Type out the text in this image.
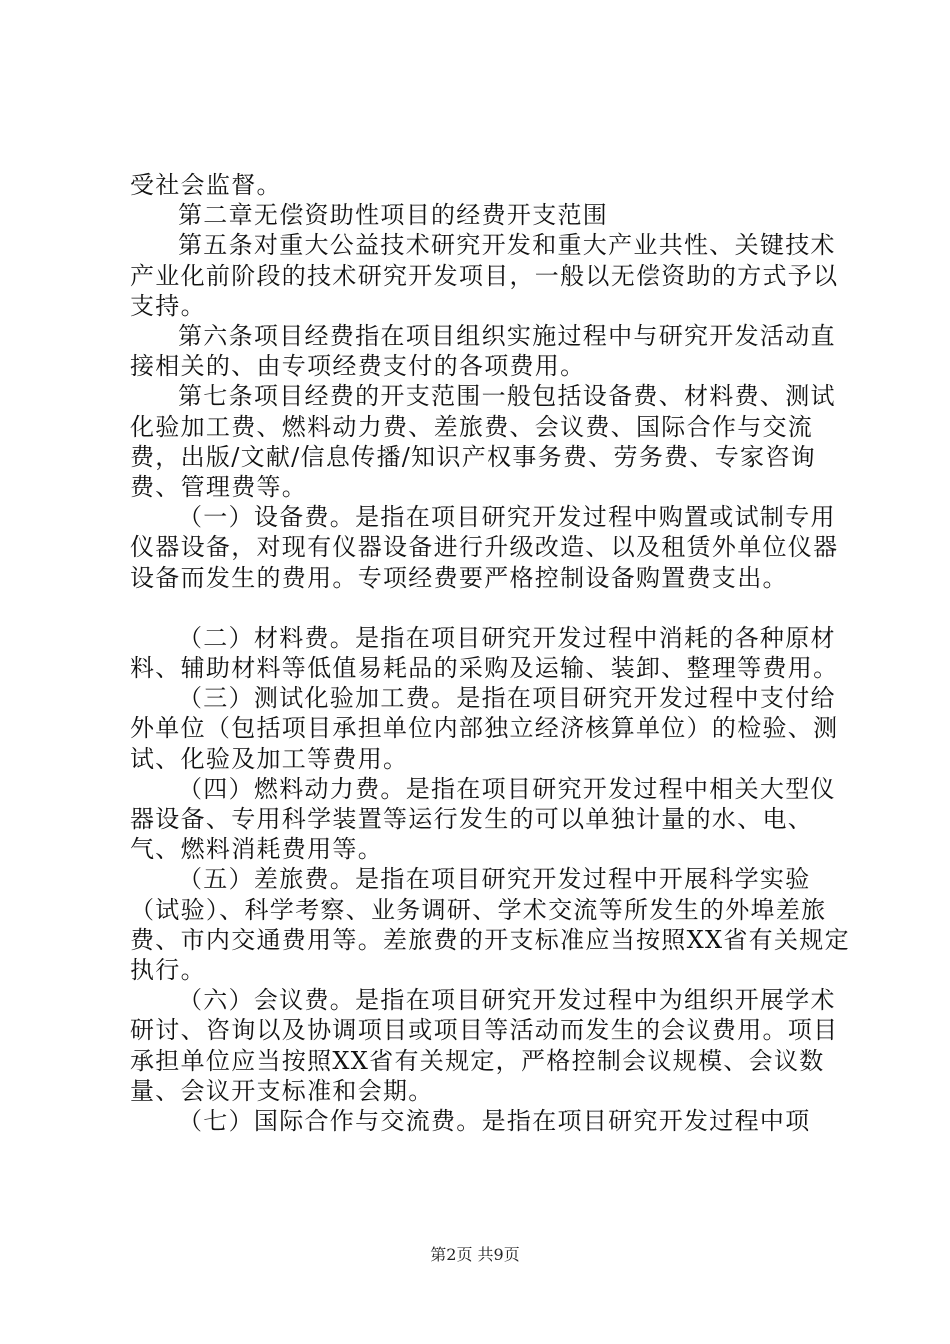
受社会监督。

第二章无偿资助性项目的经费开支范围

第五条对重大公益技术研究开发和重大产业共性、关键技术产业化前阶段的技术研究开发项目，一般以无偿资助的方式予以支持。

第六条项目经费指在项目组织实施过程中与研究开发活动直接相关的、由专项经费支付的各项费用。

第七条项目经费的开支范围一般包括设备费、材料费、测试化验加工费、燃料动力费、差旅费、会议费、国际合作与交流费，出版/文献/信息传播/知识产权事务费、劳务费、专家咨询费、管理费等。

（一）设备费。是指在项目研究开发过程中购置或试制专用仪器设备，对现有仪器设备进行升级改造、以及租赁外单位仪器设备而发生的费用。专项经费要严格控制设备购置费支出。

（二）材料费。是指在项目研究开发过程中消耗的各种原材料、辅助材料等低值易耗品的采购及运输、装卸、整理等费用。

（三）测试化验加工费。是指在项目研究开发过程中支付给外单位（包括项目承担单位内部独立经济核算单位）的检验、测试、化验及加工等费用。

（四）燃料动力费。是指在项目研究开发过程中相关大型仪器设备、专用科学装置等运行发生的可以单独计量的水、电、气、燃料消耗费用等。

（五）差旅费。是指在项目研究开发过程中开展科学实验（试验）、科学考察、业务调研、学术交流等所发生的外埠差旅费、市内交通费用等。差旅费的开支标准应当按照XX省有关规定执行。

（六）会议费。是指在项目研究开发过程中为组织开展学术研讨、咨询以及协调项目或项目等活动而发生的会议费用。项目承担单位应当按照XX省有关规定，严格控制会议规模、会议数量、会议开支标准和会期。

（七）国际合作与交流费。是指在项目研究开发过程中项

第2页 共9页
